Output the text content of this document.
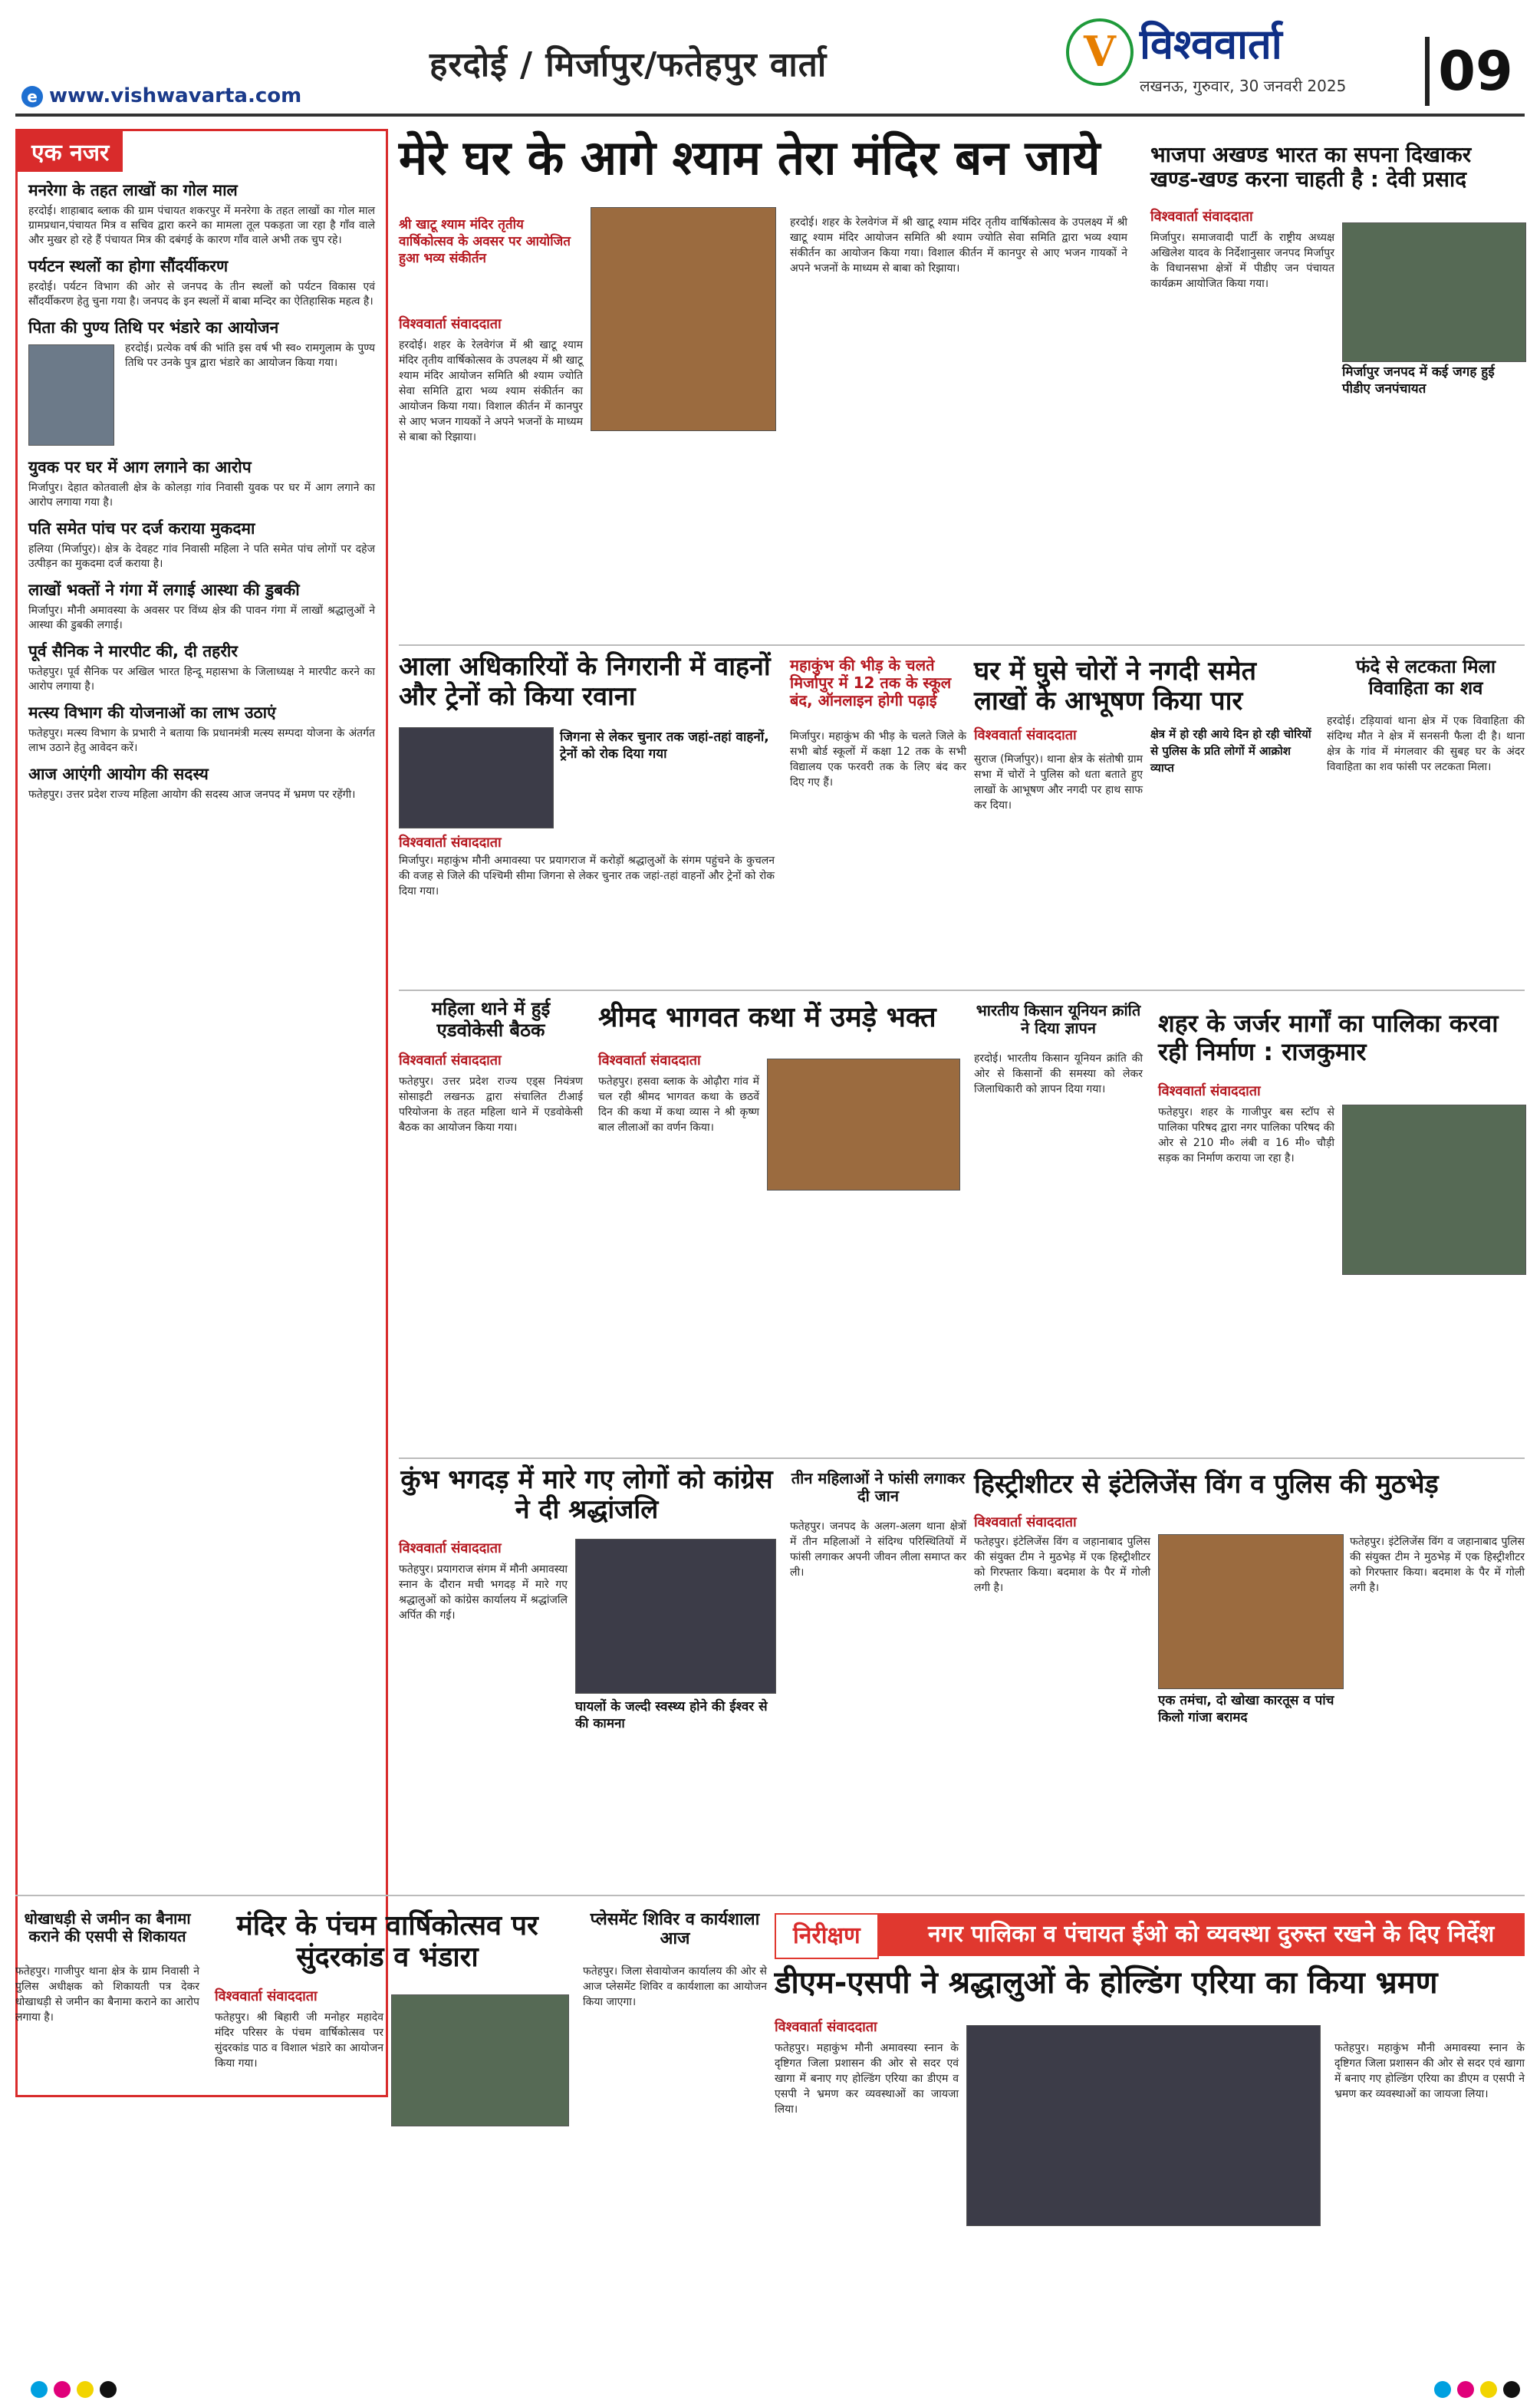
हरदोई / मिर्जापुर/फतेहपुर वार्ता
e www.vishwavarta.com
V विश्ववार्ता
लखनऊ, गुरुवार, 30 जनवरी 2025 09
एक नजर
मनरेगा के तहत लाखों का गोल माल

हरदोई। शाहाबाद ब्लाक की ग्राम पंचायत शकरपुर में मनरेगा के तहत लाखों का गोल माल ग्रामप्रधान,पंचायत मित्र व सचिव द्वारा करने का मामला तूल पकड़ता जा रहा है गाँव वाले और मुखर हो रहे हैं पंचायत मित्र की दबंगई के कारण गाँव वाले अभी तक चुप रहे।

पर्यटन स्थलों का होगा सौंदर्यीकरण

हरदोई। पर्यटन विभाग की ओर से जनपद के तीन स्थलों को पर्यटन विकास एवं सौंदर्यीकरण हेतु चुना गया है। जनपद के इन स्थलों में बाबा मन्दिर का ऐतिहासिक महत्व है।

पिता की पुण्य तिथि पर भंडारे का आयोजन

हरदोई। प्रत्येक वर्ष की भांति इस वर्ष भी स्व० रामगुलाम के पुण्य तिथि पर उनके पुत्र द्वारा भंडारे का आयोजन किया गया।

युवक पर घर में आग लगाने का आरोप

मिर्जापुर। देहात कोतवाली क्षेत्र के कोलड़ा गांव निवासी युवक पर घर में आग लगाने का आरोप लगाया गया है।

पति समेत पांच पर दर्ज कराया मुकदमा

हलिया (मिर्जापुर)। क्षेत्र के देवहट गांव निवासी महिला ने पति समेत पांच लोगों पर दहेज उत्पीड़न का मुकदमा दर्ज कराया है।

लाखों भक्तों ने गंगा में लगाई आस्था की डुबकी

मिर्जापुर। मौनी अमावस्या के अवसर पर विंध्य क्षेत्र की पावन गंगा में लाखों श्रद्धालुओं ने आस्था की डुबकी लगाई।

पूर्व सैनिक ने मारपीट की, दी तहरीर

फतेहपुर। पूर्व सैनिक पर अखिल भारत हिन्दू महासभा के जिलाध्यक्ष ने मारपीट करने का आरोप लगाया है।

मत्स्य विभाग की योजनाओं का लाभ उठाएं

फतेहपुर। मत्स्य विभाग के प्रभारी ने बताया कि प्रधानमंत्री मत्स्य सम्पदा योजना के अंतर्गत लाभ उठाने हेतु आवेदन करें।

आज आएंगी आयोग की सदस्य

फतेहपुर। उत्तर प्रदेश राज्य महिला आयोग की सदस्य आज जनपद में भ्रमण पर रहेंगी।

मेरे घर के आगे श्याम तेरा मंदिर बन जाये
श्री खाटू श्याम मंदिर तृतीय वार्षिकोत्सव के अवसर पर आयोजित हुआ भव्य संकीर्तन
विश्ववार्ता संवाददाता
हरदोई। शहर के रेलवेगंज में श्री खाटू श्याम मंदिर तृतीय वार्षिकोत्सव के उपलक्ष्य में श्री खाटू श्याम मंदिर आयोजन समिति श्री श्याम ज्योति सेवा समिति द्वारा भव्य श्याम संकीर्तन का आयोजन किया गया। विशाल कीर्तन में कानपुर से आए भजन गायकों ने अपने भजनों के माध्यम से बाबा को रिझाया।
हरदोई। शहर के रेलवेगंज में श्री खाटू श्याम मंदिर तृतीय वार्षिकोत्सव के उपलक्ष्य में श्री खाटू श्याम मंदिर आयोजन समिति श्री श्याम ज्योति सेवा समिति द्वारा भव्य श्याम संकीर्तन का आयोजन किया गया। विशाल कीर्तन में कानपुर से आए भजन गायकों ने अपने भजनों के माध्यम से बाबा को रिझाया।
भाजपा अखण्ड भारत का सपना दिखाकर खण्ड-खण्ड करना चाहती है : देवी प्रसाद
विश्ववार्ता संवाददाता
मिर्जापुर। समाजवादी पार्टी के राष्ट्रीय अध्यक्ष अखिलेश यादव के निर्देशानुसार जनपद मिर्जापुर के विधानसभा क्षेत्रों में पीडीए जन पंचायत कार्यक्रम आयोजित किया गया।
मिर्जापुर जनपद में कई जगह हुई पीडीए जनपंचायत
आला अधिकारियों के निगरानी में वाहनों और ट्रेनों को किया रवाना
जिगना से लेकर चुनार तक जहां-तहां वाहनों, ट्रेनों को रोक दिया गया
विश्ववार्ता संवाददाता
मिर्जापुर। महाकुंभ मौनी अमावस्या पर प्रयागराज में करोड़ों श्रद्धालुओं के संगम पहुंचने के कुचलन की वजह से जिले की पश्चिमी सीमा जिगना से लेकर चुनार तक जहां-तहां वाहनों और ट्रेनों को रोक दिया गया।
महाकुंभ की भीड़ के चलते मिर्जापुर में 12 तक के स्कूल बंद, ऑनलाइन होगी पढ़ाई
मिर्जापुर। महाकुंभ की भीड़ के चलते जिले के सभी बोर्ड स्कूलों में कक्षा 12 तक के सभी विद्यालय एक फरवरी तक के लिए बंद कर दिए गए हैं।
घर में घुसे चोरों ने नगदी समेत लाखों के आभूषण किया पार
विश्ववार्ता संवाददाता	क्षेत्र में हो रही आये दिन हो रही चोरियों से पुलिस के प्रति लोगों में आक्रोश व्याप्त
सुराज (मिर्जापुर)। थाना क्षेत्र के संतोषी ग्राम सभा में चोरों ने पुलिस को धता बताते हुए लाखों के आभूषण और नगदी पर हाथ साफ कर दिया।
फंदे से लटकता मिला विवाहिता का शव
हरदोई। टड़ियावां थाना क्षेत्र में एक विवाहिता की संदिग्ध मौत ने क्षेत्र में सनसनी फैला दी है। थाना क्षेत्र के गांव में मंगलवार की सुबह घर के अंदर विवाहिता का शव फांसी पर लटकता मिला।
महिला थाने में हुई एडवोकेसी बैठक
विश्ववार्ता संवाददाता
फतेहपुर। उत्तर प्रदेश राज्य एड्स नियंत्रण सोसाइटी लखनऊ द्वारा संचालित टीआई परियोजना के तहत महिला थाने में एडवोकेसी बैठक का आयोजन किया गया।
श्रीमद भागवत कथा में उमड़े भक्त
विश्ववार्ता संवाददाता
फतेहपुर। हसवा ब्लाक के ओढ़ौरा गांव में चल रही श्रीमद भागवत कथा के छठवें दिन की कथा में कथा व्यास ने श्री कृष्ण बाल लीलाओं का वर्णन किया।
भारतीय किसान यूनियन क्रांति ने दिया ज्ञापन
हरदोई। भारतीय किसान यूनियन क्रांति की ओर से किसानों की समस्या को लेकर जिलाधिकारी को ज्ञापन दिया गया।
शहर के जर्जर मार्गों का पालिका करवा रही निर्माण : राजकुमार
विश्ववार्ता संवाददाता
फतेहपुर। शहर के गाजीपुर बस स्टॉप से पालिका परिषद द्वारा नगर पालिका परिषद की ओर से 210 मी० लंबी व 16 मी० चौड़ी सड़क का निर्माण कराया जा रहा है।
कुंभ भगदड़ में मारे गए लोगों को कांग्रेस ने दी श्रद्धांजलि
विश्ववार्ता संवाददाता
फतेहपुर। प्रयागराज संगम में मौनी अमावस्या स्नान के दौरान मची भगदड़ में मारे गए श्रद्धालुओं को कांग्रेस कार्यालय में श्रद्धांजलि अर्पित की गई।
घायलों के जल्दी स्वस्थ्य होने की ईश्वर से की कामना
तीन महिलाओं ने फांसी लगाकर दी जान
फतेहपुर। जनपद के अलग-अलग थाना क्षेत्रों में तीन महिलाओं ने संदिग्ध परिस्थितियों में फांसी लगाकर अपनी जीवन लीला समाप्त कर ली।
हिस्ट्रीशीटर से इंटेलिजेंस विंग व पुलिस की मुठभेड़
विश्ववार्ता संवाददाता
फतेहपुर। इंटेलिजेंस विंग व जहानाबाद पुलिस की संयुक्त टीम ने मुठभेड़ में एक हिस्ट्रीशीटर को गिरफ्तार किया। बदमाश के पैर में गोली लगी है।
एक तमंचा, दो खोखा कारतूस व पांच किलो गांजा बरामद
फतेहपुर। इंटेलिजेंस विंग व जहानाबाद पुलिस की संयुक्त टीम ने मुठभेड़ में एक हिस्ट्रीशीटर को गिरफ्तार किया। बदमाश के पैर में गोली लगी है।
धोखाधड़ी से जमीन का बैनामा कराने की एसपी से शिकायत
फतेहपुर। गाजीपुर थाना क्षेत्र के ग्राम निवासी ने पुलिस अधीक्षक को शिकायती पत्र देकर धोखाधड़ी से जमीन का बैनामा कराने का आरोप लगाया है।
मंदिर के पंचम वार्षिकोत्सव पर सुंदरकांड व भंडारा
विश्ववार्ता संवाददाता
फतेहपुर। श्री बिहारी जी मनोहर महादेव मंदिर परिसर के पंचम वार्षिकोत्सव पर सुंदरकांड पाठ व विशाल भंडारे का आयोजन किया गया।
प्लेसमेंट शिविर व कार्यशाला आज
फतेहपुर। जिला सेवायोजन कार्यालय की ओर से आज प्लेसमेंट शिविर व कार्यशाला का आयोजन किया जाएगा।
निरीक्षण	नगर पालिका व पंचायत ईओ को व्यवस्था दुरुस्त रखने के दिए निर्देश
डीएम-एसपी ने श्रद्धालुओं के होल्डिंग एरिया का किया भ्रमण
विश्ववार्ता संवाददाता
फतेहपुर। महाकुंभ मौनी अमावस्या स्नान के दृष्टिगत जिला प्रशासन की ओर से सदर एवं खागा में बनाए गए होल्डिंग एरिया का डीएम व एसपी ने भ्रमण कर व्यवस्थाओं का जायजा लिया।
फतेहपुर। महाकुंभ मौनी अमावस्या स्नान के दृष्टिगत जिला प्रशासन की ओर से सदर एवं खागा में बनाए गए होल्डिंग एरिया का डीएम व एसपी ने भ्रमण कर व्यवस्थाओं का जायजा लिया।
